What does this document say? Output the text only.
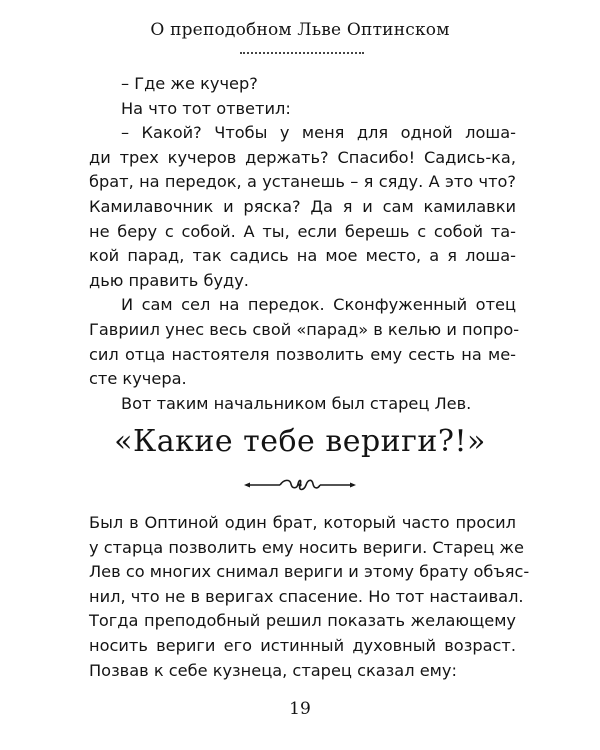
О преподобном Льве Оптинском
– Где же кучер?
На что тот ответил:
– Какой? Чтобы у меня для одной лоша-
ди трех кучеров держать? Спасибо! Садись-ка,
брат, на передок, а устанешь – я сяду. А это что?
Камилавочник и ряска? Да я и сам камилавки
не беру с собой. А ты, если берешь с собой та-
кой парад, так садись на мое место, а я лоша-
дью править буду.
И сам сел на передок. Сконфуженный отец
Гавриил унес весь свой «парад» в келью и попро-
сил отца настоятеля позволить ему сесть на ме-
сте кучера.
Вот таким начальником был старец Лев.
«Какие тебе вериги?!»
Был в Оптиной один брат, который часто просил
у старца позволить ему носить вериги. Старец же
Лев со многих снимал вериги и этому брату объяс-
нил, что не в веригах спасение. Но тот настаивал.
Тогда преподобный решил показать желающему
носить вериги его истинный духовный возраст.
Позвав к себе кузнеца, старец сказал ему:
19
